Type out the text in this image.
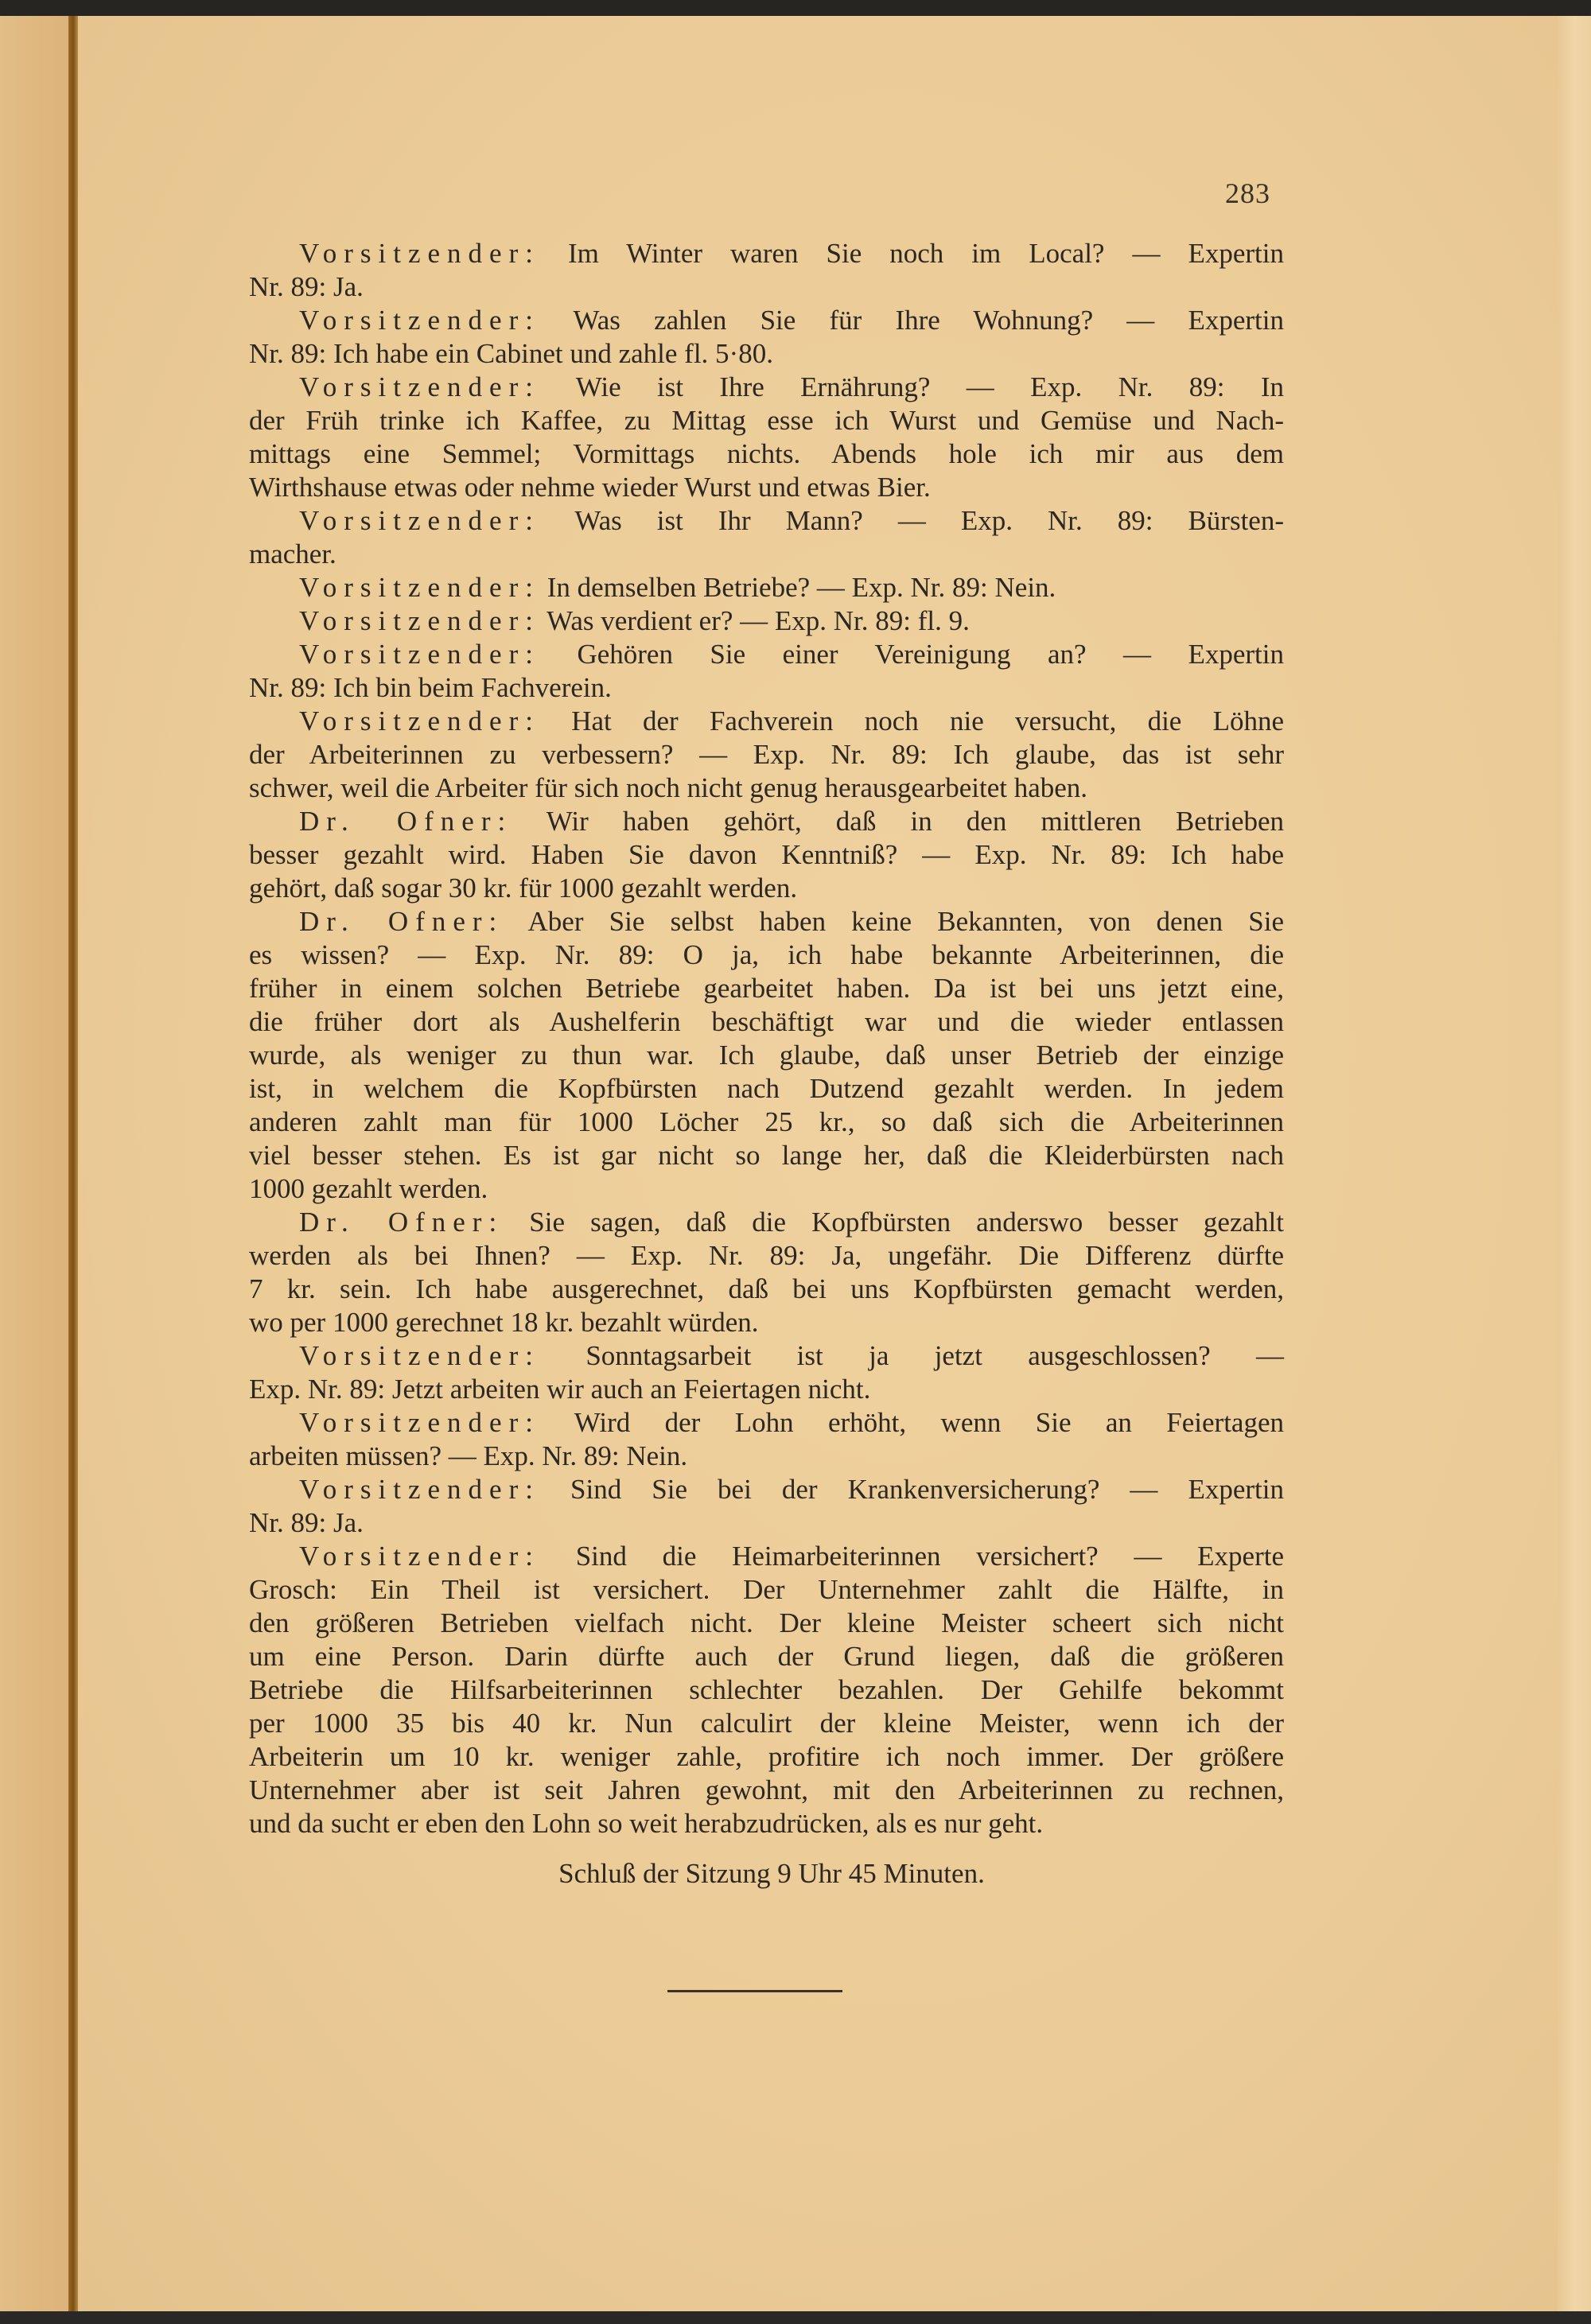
283
Vorsitzender: Im Winter waren Sie noch im Local? — Expertin
Nr. 89: Ja.
Vorsitzender: Was zahlen Sie für Ihre Wohnung? — Expertin
Nr. 89: Ich habe ein Cabinet und zahle fl. 5·80.
Vorsitzender: Wie ist Ihre Ernährung? — Exp. Nr. 89: In
der Früh trinke ich Kaffee, zu Mittag esse ich Wurst und Gemüse und Nach-
mittags eine Semmel; Vormittags nichts. Abends hole ich mir aus dem
Wirthshause etwas oder nehme wieder Wurst und etwas Bier.
Vorsitzender: Was ist Ihr Mann? — Exp. Nr. 89: Bürsten-
macher.
Vorsitzender: In demselben Betriebe? — Exp. Nr. 89: Nein.
Vorsitzender: Was verdient er? — Exp. Nr. 89: fl. 9.
Vorsitzender: Gehören Sie einer Vereinigung an? — Expertin
Nr. 89: Ich bin beim Fachverein.
Vorsitzender: Hat der Fachverein noch nie versucht, die Löhne
der Arbeiterinnen zu verbessern? — Exp. Nr. 89: Ich glaube, das ist sehr
schwer, weil die Arbeiter für sich noch nicht genug herausgearbeitet haben.
Dr. Ofner: Wir haben gehört, daß in den mittleren Betrieben
besser gezahlt wird. Haben Sie davon Kenntniß? — Exp. Nr. 89: Ich habe
gehört, daß sogar 30 kr. für 1000 gezahlt werden.
Dr. Ofner: Aber Sie selbst haben keine Bekannten, von denen Sie
es wissen? — Exp. Nr. 89: O ja, ich habe bekannte Arbeiterinnen, die
früher in einem solchen Betriebe gearbeitet haben. Da ist bei uns jetzt eine,
die früher dort als Aushelferin beschäftigt war und die wieder entlassen
wurde, als weniger zu thun war. Ich glaube, daß unser Betrieb der einzige
ist, in welchem die Kopfbürsten nach Dutzend gezahlt werden. In jedem
anderen zahlt man für 1000 Löcher 25 kr., so daß sich die Arbeiterinnen
viel besser stehen. Es ist gar nicht so lange her, daß die Kleiderbürsten nach
1000 gezahlt werden.
Dr. Ofner: Sie sagen, daß die Kopfbürsten anderswo besser gezahlt
werden als bei Ihnen? — Exp. Nr. 89: Ja, ungefähr. Die Differenz dürfte
7 kr. sein. Ich habe ausgerechnet, daß bei uns Kopfbürsten gemacht werden,
wo per 1000 gerechnet 18 kr. bezahlt würden.
Vorsitzender: Sonntagsarbeit ist ja jetzt ausgeschlossen? —
Exp. Nr. 89: Jetzt arbeiten wir auch an Feiertagen nicht.
Vorsitzender: Wird der Lohn erhöht, wenn Sie an Feiertagen
arbeiten müssen? — Exp. Nr. 89: Nein.
Vorsitzender: Sind Sie bei der Krankenversicherung? — Expertin
Nr. 89: Ja.
Vorsitzender: Sind die Heimarbeiterinnen versichert? — Experte
Grosch: Ein Theil ist versichert. Der Unternehmer zahlt die Hälfte, in
den größeren Betrieben vielfach nicht. Der kleine Meister scheert sich nicht
um eine Person. Darin dürfte auch der Grund liegen, daß die größeren
Betriebe die Hilfsarbeiterinnen schlechter bezahlen. Der Gehilfe bekommt
per 1000 35 bis 40 kr. Nun calculirt der kleine Meister, wenn ich der
Arbeiterin um 10 kr. weniger zahle, profitire ich noch immer. Der größere
Unternehmer aber ist seit Jahren gewohnt, mit den Arbeiterinnen zu rechnen,
und da sucht er eben den Lohn so weit herabzudrücken, als es nur geht.
Schluß der Sitzung 9 Uhr 45 Minuten.
